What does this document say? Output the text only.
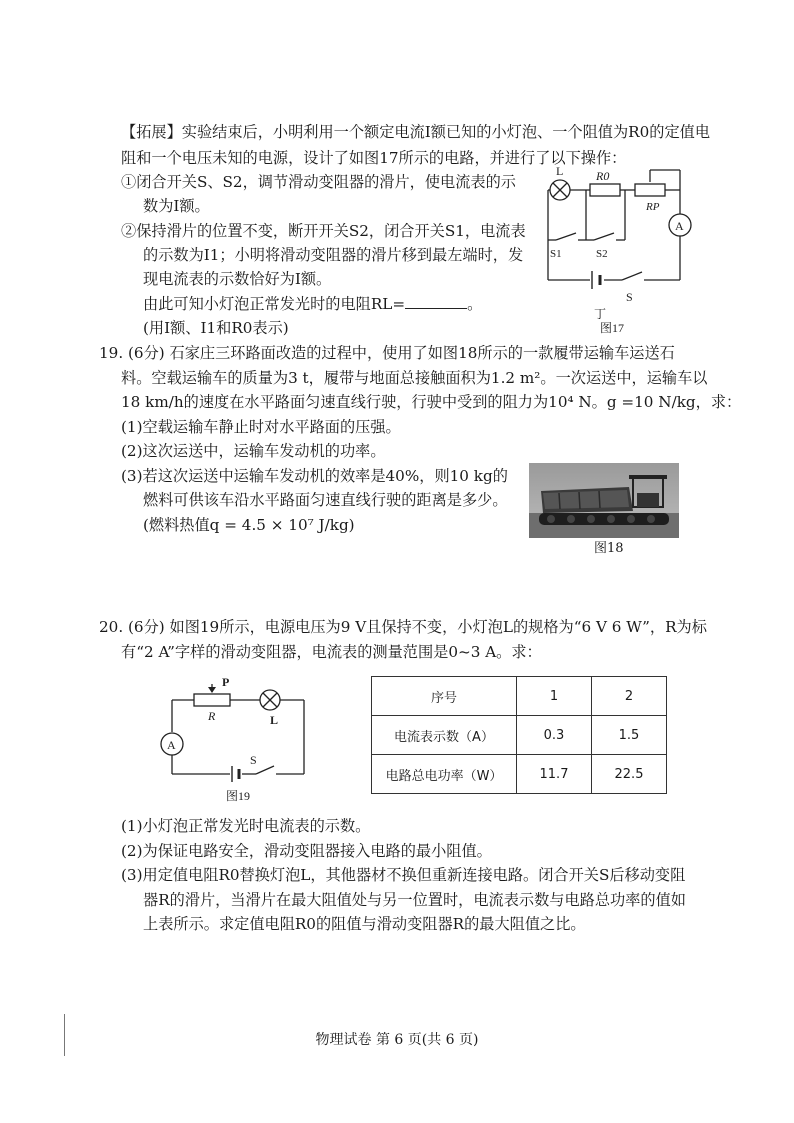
【拓展】实验结束后，小明利用一个额定电流I额已知的小灯泡、一个阻值为R0的定值电
阻和一个电压未知的电源，设计了如图17所示的电路，并进行了以下操作：
①闭合开关S、S2，调节滑动变阻器的滑片，使电流表的示
数为I额。
②保持滑片的位置不变，断开开关S2，闭合开关S1，电流表
的示数为I1；小明将滑动变阻器的滑片移到最左端时，发
现电流表的示数恰好为I额。
由此可知小灯泡正常发光时的电阻RL=	。
(用I额、I1和R0表示)
L	R0
RP
A
S1	S2
S
丁
图17
19. (6分) 石家庄三环路面改造的过程中，使用了如图18所示的一款履带运输车运送石
料。空载运输车的质量为3 t，履带与地面总接触面积为1.2 m²。一次运送中，运输车以
18 km/h的速度在水平路面匀速直线行驶，行驶中受到的阻力为10⁴ N。g =10 N/kg，求：
(1)空载运输车静止时对水平路面的压强。
(2)这次运送中，运输车发动机的功率。
(3)若这次运送中运输车发动机的效率是40%，则10 kg的
燃料可供该车沿水平路面匀速直线行驶的距离是多少。
(燃料热值q = 4.5 × 10⁷ J/kg)
图18
20. (6分) 如图19所示，电源电压为9 V且保持不变，小灯泡L的规格为“6 V 6 W”，R为标
有“2 A”字样的滑动变阻器，电流表的测量范围是0~3 A。求：
P
R	L
A
S
图19
序号	1	2
电流表示数（A）	0.3	1.5
电路总电功率（W）	11.7	22.5
(1)小灯泡正常发光时电流表的示数。
(2)为保证电路安全，滑动变阻器接入电路的最小阻值。
(3)用定值电阻R0替换灯泡L，其他器材不换但重新连接电路。闭合开关S后移动变阻
器R的滑片，当滑片在最大阻值处与另一位置时，电流表示数与电路总功率的值如
上表所示。求定值电阻R0的阻值与滑动变阻器R的最大阻值之比。
物理试卷 第 6 页(共 6 页)
